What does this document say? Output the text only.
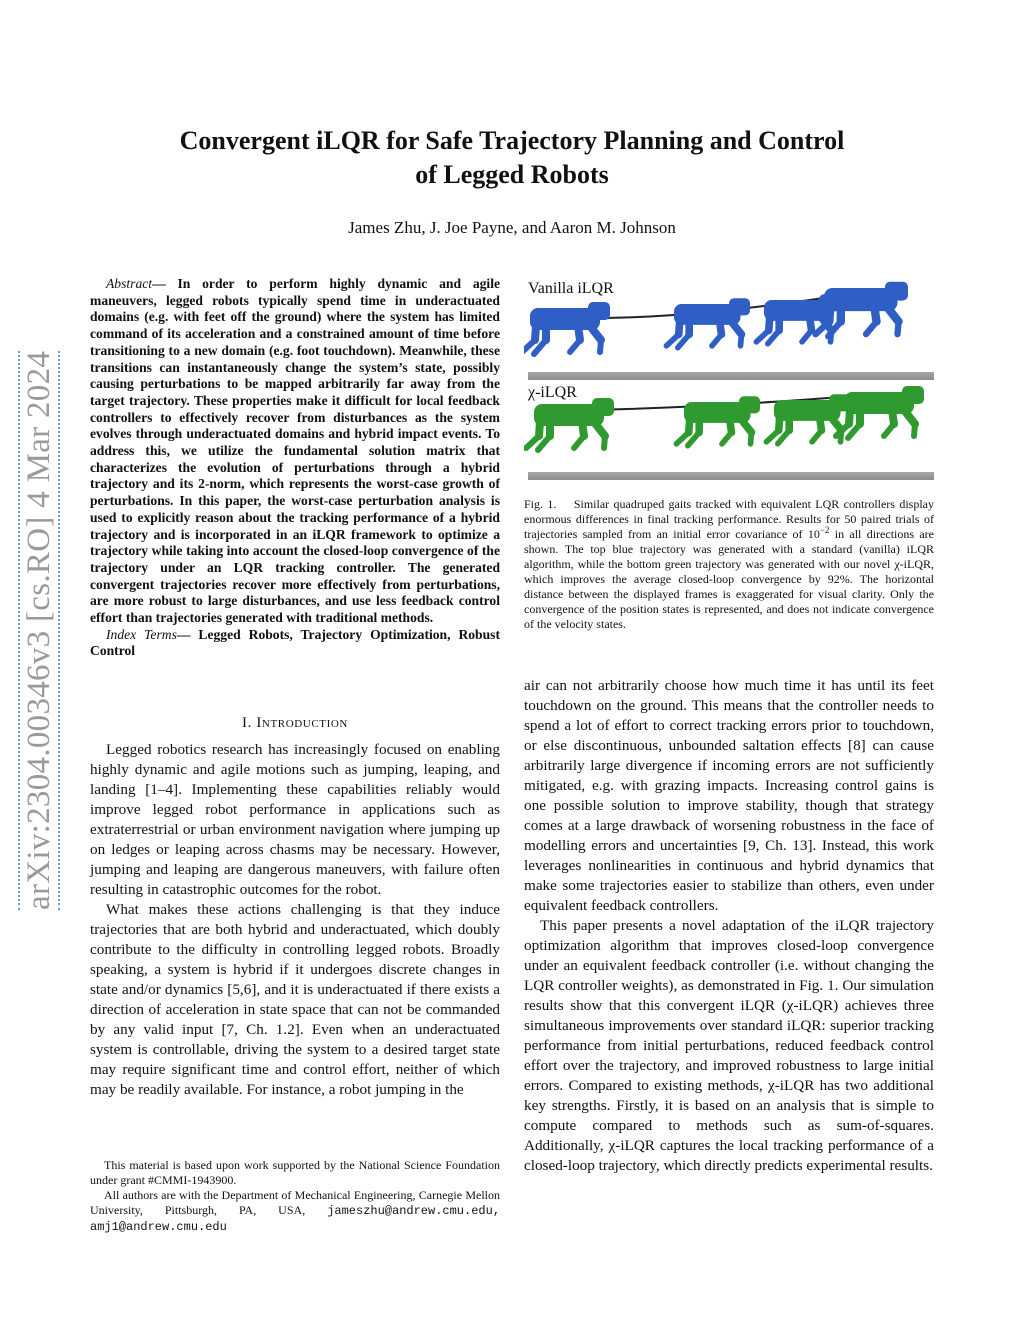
Convergent iLQR for Safe Trajectory Planning and Control
of Legged Robots
James Zhu, J. Joe Payne, and Aaron M. Johnson
arXiv:2304.00346v3 [cs.RO] 4 Mar 2024
Abstract— In order to perform highly dynamic and agile maneuvers, legged robots typically spend time in underactuated domains (e.g. with feet off the ground) where the system has limited command of its acceleration and a constrained amount of time before transitioning to a new domain (e.g. foot touchdown). Meanwhile, these transitions can instantaneously change the system’s state, possibly causing perturbations to be mapped arbitrarily far away from the target trajectory. These properties make it difficult for local feedback controllers to effectively recover from disturbances as the system evolves through underactuated domains and hybrid impact events. To address this, we utilize the fundamental solution matrix that characterizes the evolution of perturbations through a hybrid trajectory and its 2-norm, which represents the worst-case growth of perturbations. In this paper, the worst-case perturbation analysis is used to explicitly reason about the tracking performance of a hybrid trajectory and is incorporated in an iLQR framework to optimize a trajectory while taking into account the closed-loop convergence of the trajectory under an LQR tracking controller. The generated convergent trajectories recover more effectively from perturbations, are more robust to large disturbances, and use less feedback control effort than trajectories generated with traditional methods.
Index Terms— Legged Robots, Trajectory Optimization, Robust Control
I. Introduction

Legged robotics research has increasingly focused on enabling highly dynamic and agile motions such as jumping, leaping, and landing [1–4]. Implementing these capabilities reliably would improve legged robot performance in applications such as extraterrestrial or urban environment navigation where jumping up on ledges or leaping across chasms may be necessary. However, jumping and leaping are dangerous maneuvers, with failure often resulting in catastrophic outcomes for the robot.

What makes these actions challenging is that they induce trajectories that are both hybrid and underactuated, which doubly contribute to the difficulty in controlling legged robots. Broadly speaking, a system is hybrid if it undergoes discrete changes in state and/or dynamics [5,6], and it is underactuated if there exists a direction of acceleration in state space that can not be commanded by any valid input [7, Ch. 1.2]. Even when an underactuated system is controllable, driving the system to a desired target state may require significant time and control effort, neither of which may be readily available. For instance, a robot jumping in the

This material is based upon work supported by the National Science Foundation under grant #CMMI-1943900.

All authors are with the Department of Mechanical Engineering, Carnegie Mellon University, Pittsburgh, PA, USA, jameszhu@andrew.cmu.edu, amj1@andrew.cmu.edu

Vanilla iLQR
χ-iLQR
Fig. 1. Similar quadruped gaits tracked with equivalent LQR controllers display enormous differences in final tracking performance. Results for 50 paired trials of trajectories sampled from an initial error covariance of $10^{-2}$ in all directions are shown. The top blue trajectory was generated with a standard (vanilla) iLQR algorithm, while the bottom green trajectory was generated with our novel χ-iLQR, which improves the average closed-loop convergence by 92%. The horizontal distance between the displayed frames is exaggerated for visual clarity. Only the convergence of the position states is represented, and does not indicate convergence of the velocity states.

air can not arbitrarily choose how much time it has until its feet touchdown on the ground. This means that the controller needs to spend a lot of effort to correct tracking errors prior to touchdown, or else discontinuous, unbounded saltation effects [8] can cause arbitrarily large divergence if incoming errors are not sufficiently mitigated, e.g. with grazing impacts. Increasing control gains is one possible solution to improve stability, though that strategy comes at a large drawback of worsening robustness in the face of modelling errors and uncertainties [9, Ch. 13]. Instead, this work leverages nonlinearities in continuous and hybrid dynamics that make some trajectories easier to stabilize than others, even under equivalent feedback controllers.

This paper presents a novel adaptation of the iLQR trajectory optimization algorithm that improves closed-loop convergence under an equivalent feedback controller (i.e. without changing the LQR controller weights), as demonstrated in Fig. 1. Our simulation results show that this convergent iLQR (χ-iLQR) achieves three simultaneous improvements over standard iLQR: superior tracking performance from initial perturbations, reduced feedback control effort over the trajectory, and improved robustness to large initial errors. Compared to existing methods, χ-iLQR has two additional key strengths. Firstly, it is based on an analysis that is simple to compute compared to methods such as sum-of-squares. Additionally, χ-iLQR captures the local tracking performance of a closed-loop trajectory, which directly predicts experimental results.
